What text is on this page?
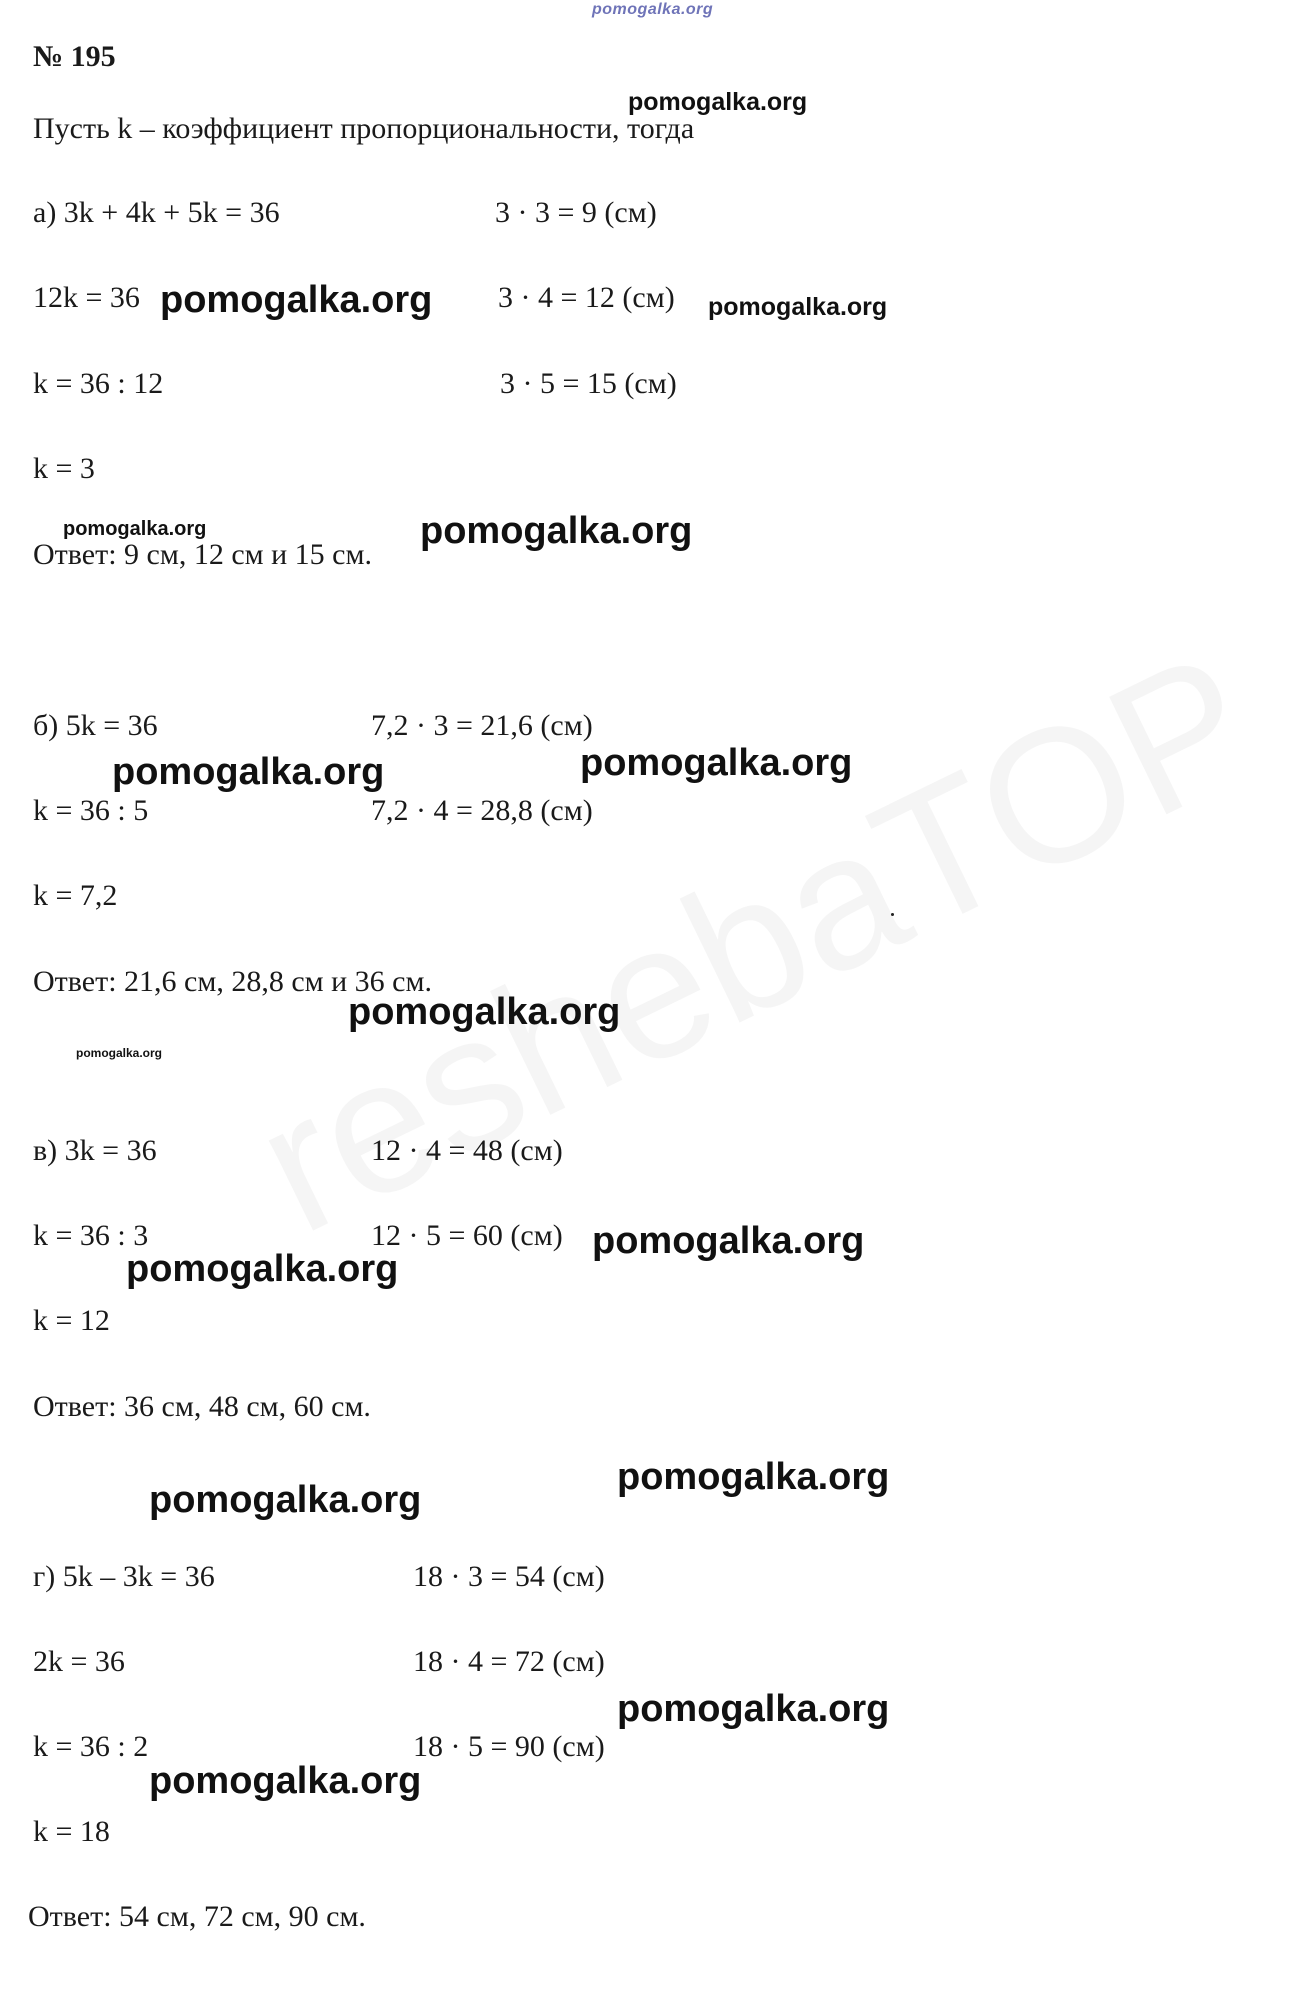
pomogalka.org
№ 195
Пусть k – коэффициент пропорциональности, тогда
а) 3k + 4k + 5k = 36
12k = 36
k = 36 : 12
k = 3
3 · 3 = 9 (см)
3 · 4 = 12 (см)
3 · 5 = 15 (см)
Ответ: 9 см, 12 см и 15 см.
б) 5k = 36
k = 36 : 5
k = 7,2
7,2 · 3 = 21,6 (см)
7,2 · 4 = 28,8 (см)
Ответ: 21,6 см, 28,8 см и 36 см.
в) 3k = 36
k = 36 : 3
k = 12
12 · 4 = 48 (см)
12 · 5 = 60 (см)
Ответ: 36 см, 48 см, 60 см.
г) 5k – 3k = 36
2k = 36
k = 36 : 2
k = 18
18 · 3 = 54 (см)
18 · 4 = 72 (см)
18 · 5 = 90 (см)
Ответ: 54 см, 72 см, 90 см.
pomogalka.org
pomogalka.org	pomogalka.org
pomogalka.org	pomogalka.org
pomogalka.org	pomogalka.org
pomogalka.org
pomogalka.org
pomogalka.org
pomogalka.org
pomogalka.org
pomogalka.org
pomogalka.org
pomogalka.org
